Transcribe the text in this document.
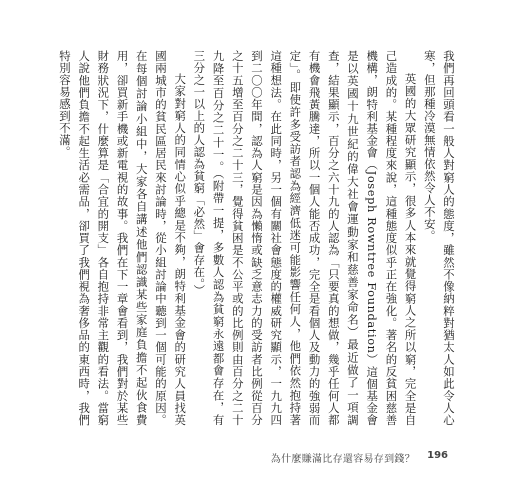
我們再回頭看一般人對窮人的態度，雖然不像納粹對猶太人如此令人心寒，但那種冷漠無情依然令人不安。

英國的大眾研究顯示，很多人本來就覺得窮人之所以窮，完全是自己造成的。某種程度來說，這種態度似乎正在強化。著名的反貧困慈善機構，朗特利基金會（Joseph Rowntree Foundation）這個基金會是以英國十九世紀的偉大社會運動家和慈善家命名）最近做了一項調查，結果顯示，百分之六十九的人認為「只要真的想做，幾乎任何人都有機會飛黃騰達，所以一個人能否成功，完全是看個人及動力的強弱而定」。即使許多受訪者認為經濟低迷可能影響任何人，他們依然抱持著這種想法。在此同時，另一個有關社會態度的權威研究顯示，一九九四到二〇〇年間，認為人窮是因為懶惰或缺乏意志力的受訪者比例從百分之十五增至百分之二十三，覺得貧困是不公平或的比例則由百分之二十九降至百分之二十一。（附帶一提，多數人認為貧窮永遠都會存在，有三分之一以上的人認為貧窮「必然」會存在。）

大家對窮人的同情心似乎總是不夠，朗特利基金會的研究人員找英國兩城市的貧民區居民來討論時，從小組討論中聽到一個可能的原因。在每個討論小組中，大家各自講述他們認識某些家庭負擔不起伙食費用，卻買新手機或新電視的故事。我們在下一章會看到，我們對於某些財務狀況下，什麼算是「合宜的開支」各自抱持非常主觀的看法。當窮人說他們負擔不起生活必需品，卻買了我們視為奢侈品的東西時，我們特別容易感到不滿。

為什麼賺滿比存還容易存到錢？ 196
